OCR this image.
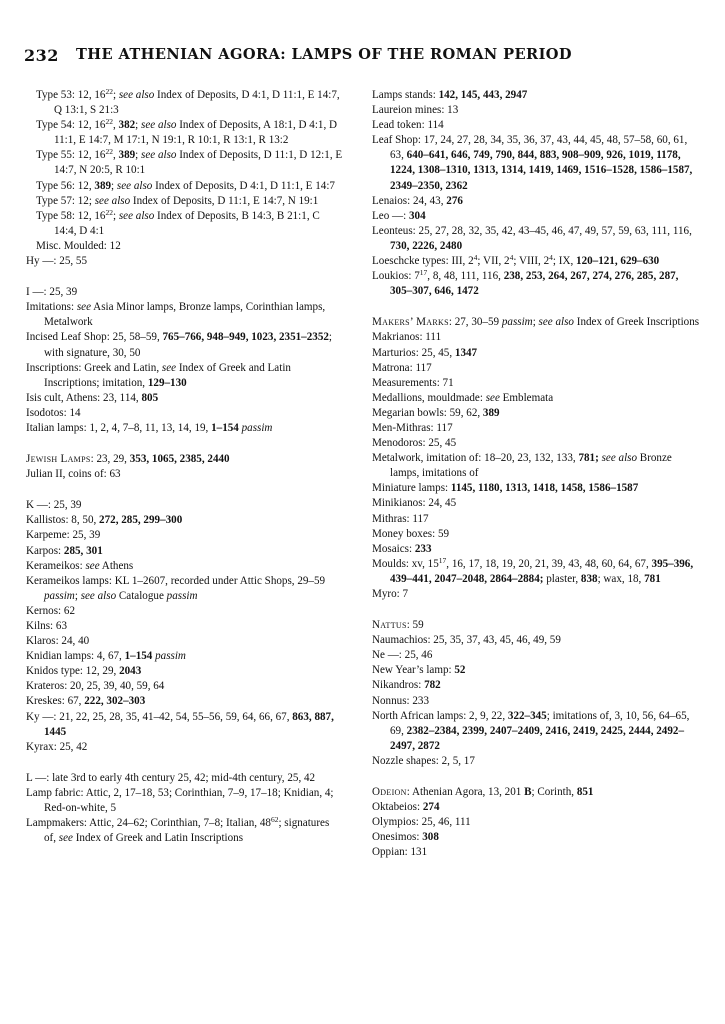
232 THE ATHENIAN AGORA: LAMPS OF THE ROMAN PERIOD

Type 53: 12, $16^{22}$; see also Index of Deposits, D 4:1, D 11:1, E 14:7, Q 13:1, S 21:3

Type 54: 12, $16^{22}$, 382; see also Index of Deposits, A 18:1, D 4:1, D 11:1, E 14:7, M 17:1, N 19:1, R 10:1, R 13:1, R 13:2

Type 55: 12, $16^{22}$, 389; see also Index of Deposits, D 11:1, D 12:1, E 14:7, N 20:5, R 10:1

Type 56: 12, 389; see also Index of Deposits, D 4:1, D 11:1, E 14:7

Type 57: 12; see also Index of Deposits, D 11:1, E 14:7, N 19:1

Type 58: 12, $16^{22}$; see also Index of Deposits, B 14:3, B 21:1, C 14:4, D 4:1

Misc. Moulded: 12

Hy —: 25, 55

I —: 25, 39

Imitations: see Asia Minor lamps, Bronze lamps, Corinthian lamps, Metalwork

Incised Leaf Shop: 25, 58–59, 765–766, 948–949, 1023, 2351–2352; with signature, 30, 50

Inscriptions: Greek and Latin, see Index of Greek and Latin Inscriptions; imitation, 129–130

Isis cult, Athens: 23, 114, 805

Isodotos: 14

Italian lamps: 1, 2, 4, 7–8, 11, 13, 14, 19, 1–154 passim

Jewish Lamps: 23, 29, 353, 1065, 2385, 2440

Julian II, coins of: 63

K —: 25, 39

Kallistos: 8, 50, 272, 285, 299–300

Karpeme: 25, 39

Karpos: 285, 301

Kerameikos: see Athens

Kerameikos lamps: KL 1–2607, recorded under Attic Shops, 29–59 passim; see also Catalogue passim

Kernos: 62

Kilns: 63

Klaros: 24, 40

Knidian lamps: 4, 67, 1–154 passim

Knidos type: 12, 29, 2043

Krateros: 20, 25, 39, 40, 59, 64

Kreskes: 67, 222, 302–303

Ky —: 21, 22, 25, 28, 35, 41–42, 54, 55–56, 59, 64, 66, 67, 863, 887, 1445

Kyrax: 25, 42

L —: late 3rd to early 4th century 25, 42; mid-4th century, 25, 42

Lamp fabric: Attic, 2, 17–18, 53; Corinthian, 7–9, 17–18; Knidian, 4; Red-on-white, 5

Lampmakers: Attic, 24–62; Corinthian, 7–8; Italian, $48^{62}$; signatures of, see Index of Greek and Latin Inscriptions

Lamps stands: 142, 145, 443, 2947

Laureion mines: 13

Lead token: 114

Leaf Shop: 17, 24, 27, 28, 34, 35, 36, 37, 43, 44, 45, 48, 57–58, 60, 61, 63, 640–641, 646, 749, 790, 844, 883, 908–909, 926, 1019, 1178, 1224, 1308–1310, 1313, 1314, 1419, 1469, 1516–1528, 1586–1587, 2349–2350, 2362

Lenaios: 24, 43, 276

Leo —: 304

Leonteus: 25, 27, 28, 32, 35, 42, 43–45, 46, 47, 49, 57, 59, 63, 111, 116, 730, 2226, 2480

Loeschcke types: III, $2^4$; VII, $2^4$; VIII, $2^4$; IX, 120–121, 629–630

Loukios: $7^{17}$, 8, 48, 111, 116, 238, 253, 264, 267, 274, 276, 285, 287, 305–307, 646, 1472

Makers’ Marks: 27, 30–59 passim; see also Index of Greek Inscriptions

Makrianos: 111

Marturios: 25, 45, 1347

Matrona: 117

Measurements: 71

Medallions, mouldmade: see Emblemata

Megarian bowls: 59, 62, 389

Men-Mithras: 117

Menodoros: 25, 45

Metalwork, imitation of: 18–20, 23, 132, 133, 781; see also Bronze lamps, imitations of

Miniature lamps: 1145, 1180, 1313, 1418, 1458, 1586–1587

Minikianos: 24, 45

Mithras: 117

Money boxes: 59

Mosaics: 233

Moulds: xv, $15^{17}$, 16, 17, 18, 19, 20, 21, 39, 43, 48, 60, 64, 67, 395–396, 439–441, 2047–2048, 2864–2884; plaster, 838; wax, 18, 781

Myro: 7

Nattus: 59

Naumachios: 25, 35, 37, 43, 45, 46, 49, 59

Ne —: 25, 46

New Year’s lamp: 52

Nikandros: 782

Nonnus: 233

North African lamps: 2, 9, 22, 322–345; imitations of, 3, 10, 56, 64–65, 69, 2382–2384, 2399, 2407–2409, 2416, 2419, 2425, 2444, 2492–2497, 2872

Nozzle shapes: 2, 5, 17

Odeion: Athenian Agora, 13, 201 B; Corinth, 851

Oktabeios: 274

Olympios: 25, 46, 111

Onesimos: 308

Oppian: 131
